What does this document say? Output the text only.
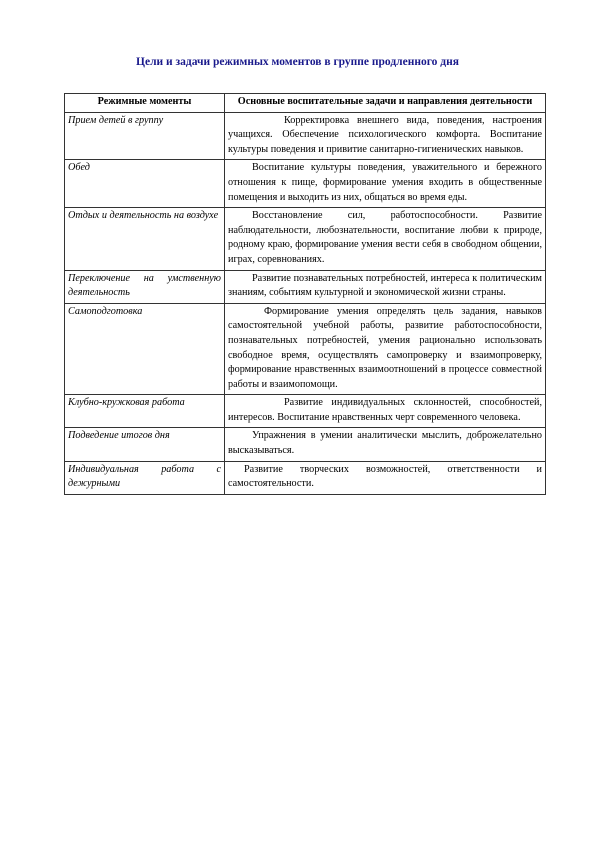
Цели и задачи режимных моментов в группе продленного дня
Режимные моменты	Основные воспитательные задачи и направления деятельности
Прием детей в группу	Корректировка внешнего вида, поведения, настроения учащихся. Обеспечение психологического комфорта. Воспитание культуры поведения и привитие санитарно-гигиенических навыков.
Обед	Воспитание культуры поведения, уважительного и бережного отношения к пище, формирование умения входить в общественные помещения и выходить из них, общаться во время еды.
Отдых и деятельность на воздухе	Восстановление сил, работоспособности. Развитие наблюдательности, любознательности, воспитание любви к природе, родному краю, формирование умения вести себя в свободном общении, играх, соревнованиях.
Переключение на умственную деятельность	Развитие познавательных потребностей, интереса к политическим знаниям, событиям культурной и экономической жизни страны.
Самоподготовка	Формирование умения определять цель задания, навыков самостоятельной учебной работы, развитие работоспособности, познавательных потребностей, умения рационально использовать свободное время, осуществлять самопроверку и взаимопроверку, формирование нравственных взаимоотношений в процессе совместной работы и взаимопомощи.
Клубно-кружковая работа	Развитие индивидуальных склонностей, способностей, интересов. Воспитание нравственных черт современного человека.
Подведение итогов дня	Упражнения в умении аналитически мыслить, доброжелательно высказываться.
Индивидуальная работа с дежурными	Развитие творческих возможностей, ответственности и самостоятельности.
